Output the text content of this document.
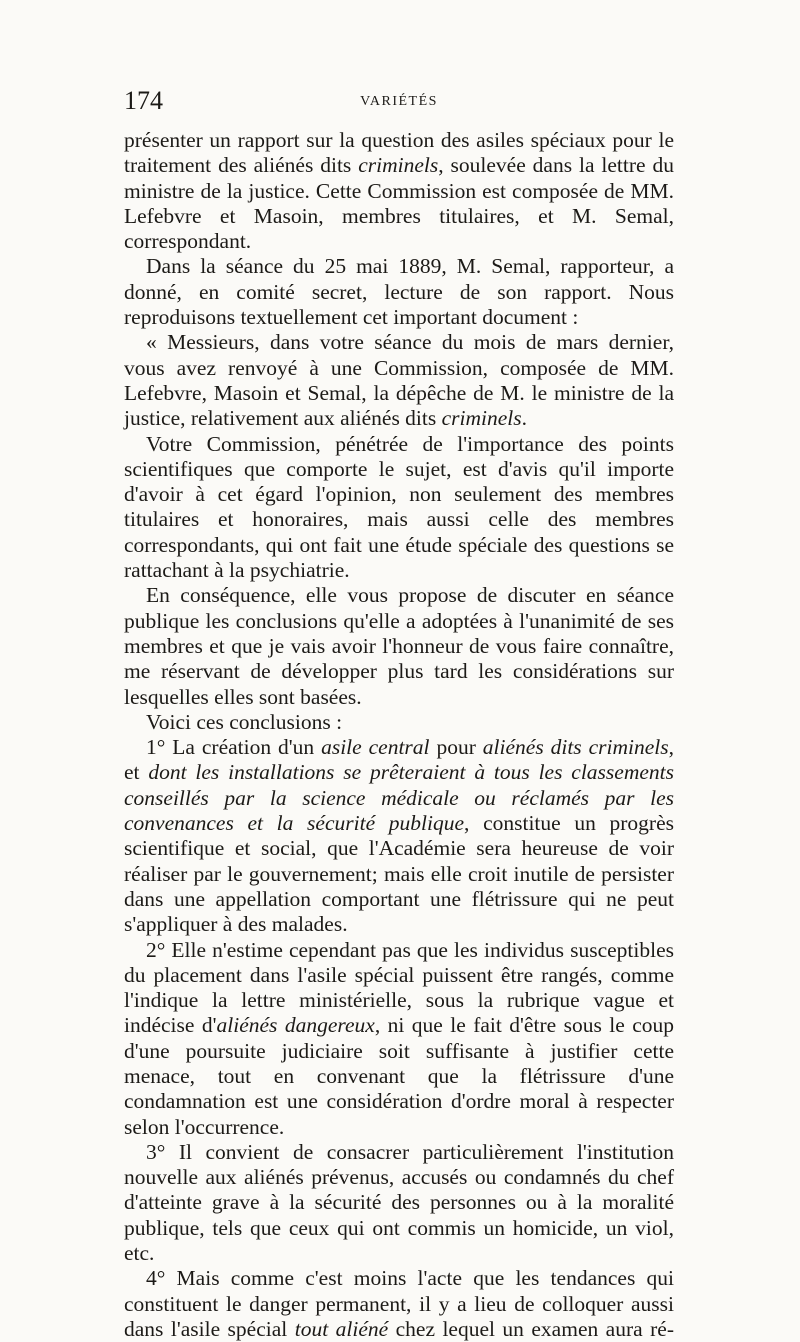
174	VARIÉTÉS

présenter un rapport sur la question des asiles spéciaux pour le traitement des aliénés dits criminels, soulevée dans la lettre du ministre de la justice. Cette Commission est composée de MM. Lefebvre et Masoin, membres titulaires, et M. Semal, correspondant.

Dans la séance du 25 mai 1889, M. Semal, rapporteur, a donné, en comité secret, lecture de son rapport. Nous reproduisons textuellement cet important document :

« Messieurs, dans votre séance du mois de mars dernier, vous avez renvoyé à une Commission, composée de MM. Lefebvre, Masoin et Semal, la dépêche de M. le ministre de la justice, relativement aux aliénés dits criminels.

Votre Commission, pénétrée de l'importance des points scientifiques que comporte le sujet, est d'avis qu'il importe d'avoir à cet égard l'opinion, non seulement des membres titulaires et honoraires, mais aussi celle des membres correspondants, qui ont fait une étude spéciale des questions se rattachant à la psychiatrie.

En conséquence, elle vous propose de discuter en séance publique les conclusions qu'elle a adoptées à l'unanimité de ses membres et que je vais avoir l'honneur de vous faire connaître, me réservant de développer plus tard les considérations sur lesquelles elles sont basées.

Voici ces conclusions :

1° La création d'un asile central pour aliénés dits criminels, et dont les installations se prêteraient à tous les classements conseillés par la science médicale ou réclamés par les convenances et la sécurité publique, constitue un progrès scientifique et social, que l'Académie sera heureuse de voir réaliser par le gouvernement; mais elle croit inutile de persister dans une appellation comportant une flétrissure qui ne peut s'appliquer à des malades.

2° Elle n'estime cependant pas que les individus susceptibles du placement dans l'asile spécial puissent être rangés, comme l'indique la lettre ministérielle, sous la rubrique vague et indécise d'aliénés dangereux, ni que le fait d'être sous le coup d'une poursuite judiciaire soit suffisante à justifier cette menace, tout en convenant que la flétrissure d'une condamnation est une considération d'ordre moral à respecter selon l'occurrence.

3° Il convient de consacrer particulièrement l'institution nouvelle aux aliénés prévenus, accusés ou condamnés du chef d'atteinte grave à la sécurité des personnes ou à la moralité publique, tels que ceux qui ont commis un homicide, un viol, etc.

4° Mais comme c'est moins l'acte que les tendances qui constituent le danger permanent, il y a lieu de colloquer aussi dans l'asile spécial tout aliéné chez lequel un examen aura ré-
